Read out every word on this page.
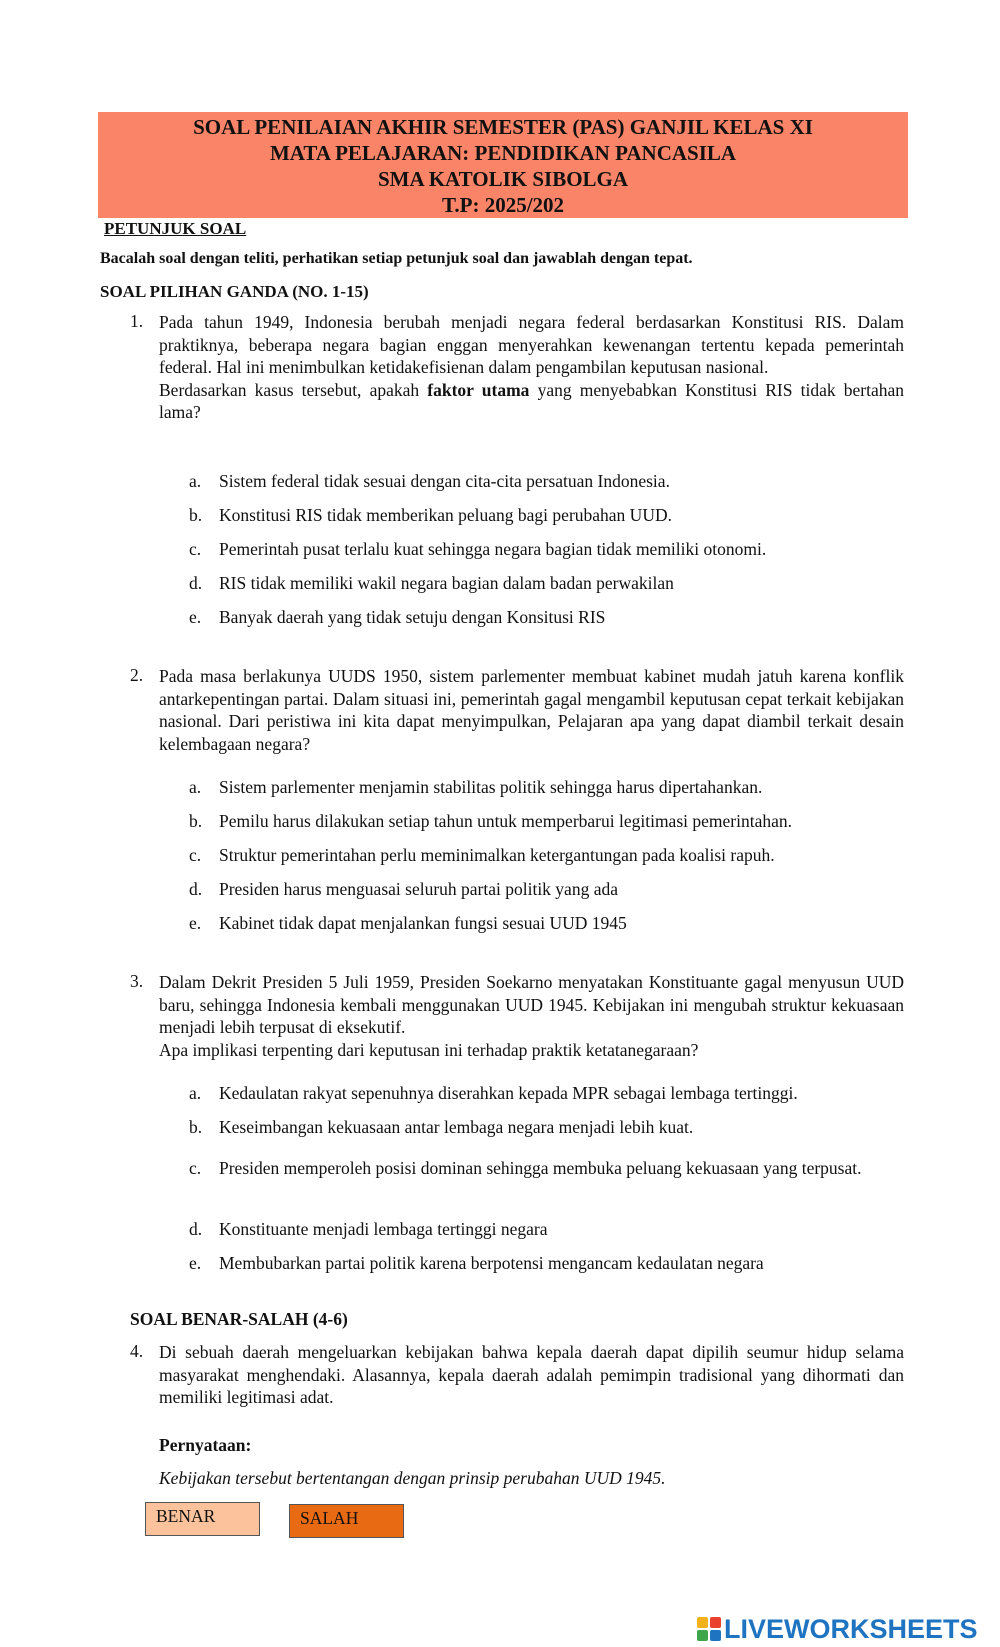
SOAL PENILAIAN AKHIR SEMESTER (PAS) GANJIL KELAS XI
MATA PELAJARAN: PENDIDIKAN PANCASILA
SMA KATOLIK SIBOLGA
T.P: 2025/202
PETUNJUK SOAL
Bacalah soal dengan teliti, perhatikan setiap petunjuk soal dan jawablah dengan tepat.
SOAL PILIHAN GANDA (NO. 1-15)
1. Pada tahun 1949, Indonesia berubah menjadi negara federal berdasarkan Konstitusi RIS. Dalam praktiknya, beberapa negara bagian enggan menyerahkan kewenangan tertentu kepada pemerintah federal. Hal ini menimbulkan ketidakefisienan dalam pengambilan keputusan nasional.
Berdasarkan kasus tersebut, apakah faktor utama yang menyebabkan Konstitusi RIS tidak bertahan lama?
a. Sistem federal tidak sesuai dengan cita-cita persatuan Indonesia.
b. Konstitusi RIS tidak memberikan peluang bagi perubahan UUD.
c. Pemerintah pusat terlalu kuat sehingga negara bagian tidak memiliki otonomi.
d. RIS tidak memiliki wakil negara bagian dalam badan perwakilan
e. Banyak daerah yang tidak setuju dengan Konsitusi RIS
2. Pada masa berlakunya UUDS 1950, sistem parlementer membuat kabinet mudah jatuh karena konflik antarkepentingan partai. Dalam situasi ini, pemerintah gagal mengambil keputusan cepat terkait kebijakan nasional. Dari peristiwa ini kita dapat menyimpulkan, Pelajaran apa yang dapat diambil terkait desain kelembagaan negara?
a. Sistem parlementer menjamin stabilitas politik sehingga harus dipertahankan.
b. Pemilu harus dilakukan setiap tahun untuk memperbarui legitimasi pemerintahan.
c. Struktur pemerintahan perlu meminimalkan ketergantungan pada koalisi rapuh.
d. Presiden harus menguasai seluruh partai politik yang ada
e. Kabinet tidak dapat menjalankan fungsi sesuai UUD 1945
3. Dalam Dekrit Presiden 5 Juli 1959, Presiden Soekarno menyatakan Konstituante gagal menyusun UUD baru, sehingga Indonesia kembali menggunakan UUD 1945. Kebijakan ini mengubah struktur kekuasaan menjadi lebih terpusat di eksekutif.
Apa implikasi terpenting dari keputusan ini terhadap praktik ketatanegaraan?
a. Kedaulatan rakyat sepenuhnya diserahkan kepada MPR sebagai lembaga tertinggi.
b. Keseimbangan kekuasaan antar lembaga negara menjadi lebih kuat.
c. Presiden memperoleh posisi dominan sehingga membuka peluang kekuasaan yang terpusat.
d. Konstituante menjadi lembaga tertinggi negara
e. Membubarkan partai politik karena berpotensi mengancam kedaulatan negara
SOAL BENAR-SALAH (4-6)
4. Di sebuah daerah mengeluarkan kebijakan bahwa kepala daerah dapat dipilih seumur hidup selama masyarakat menghendaki. Alasannya, kepala daerah adalah pemimpin tradisional yang dihormati dan memiliki legitimasi adat.
Pernyataan:
Kebijakan tersebut bertentangan dengan prinsip perubahan UUD 1945.
BENAR	SALAH
LIVEWORKSHEETS
